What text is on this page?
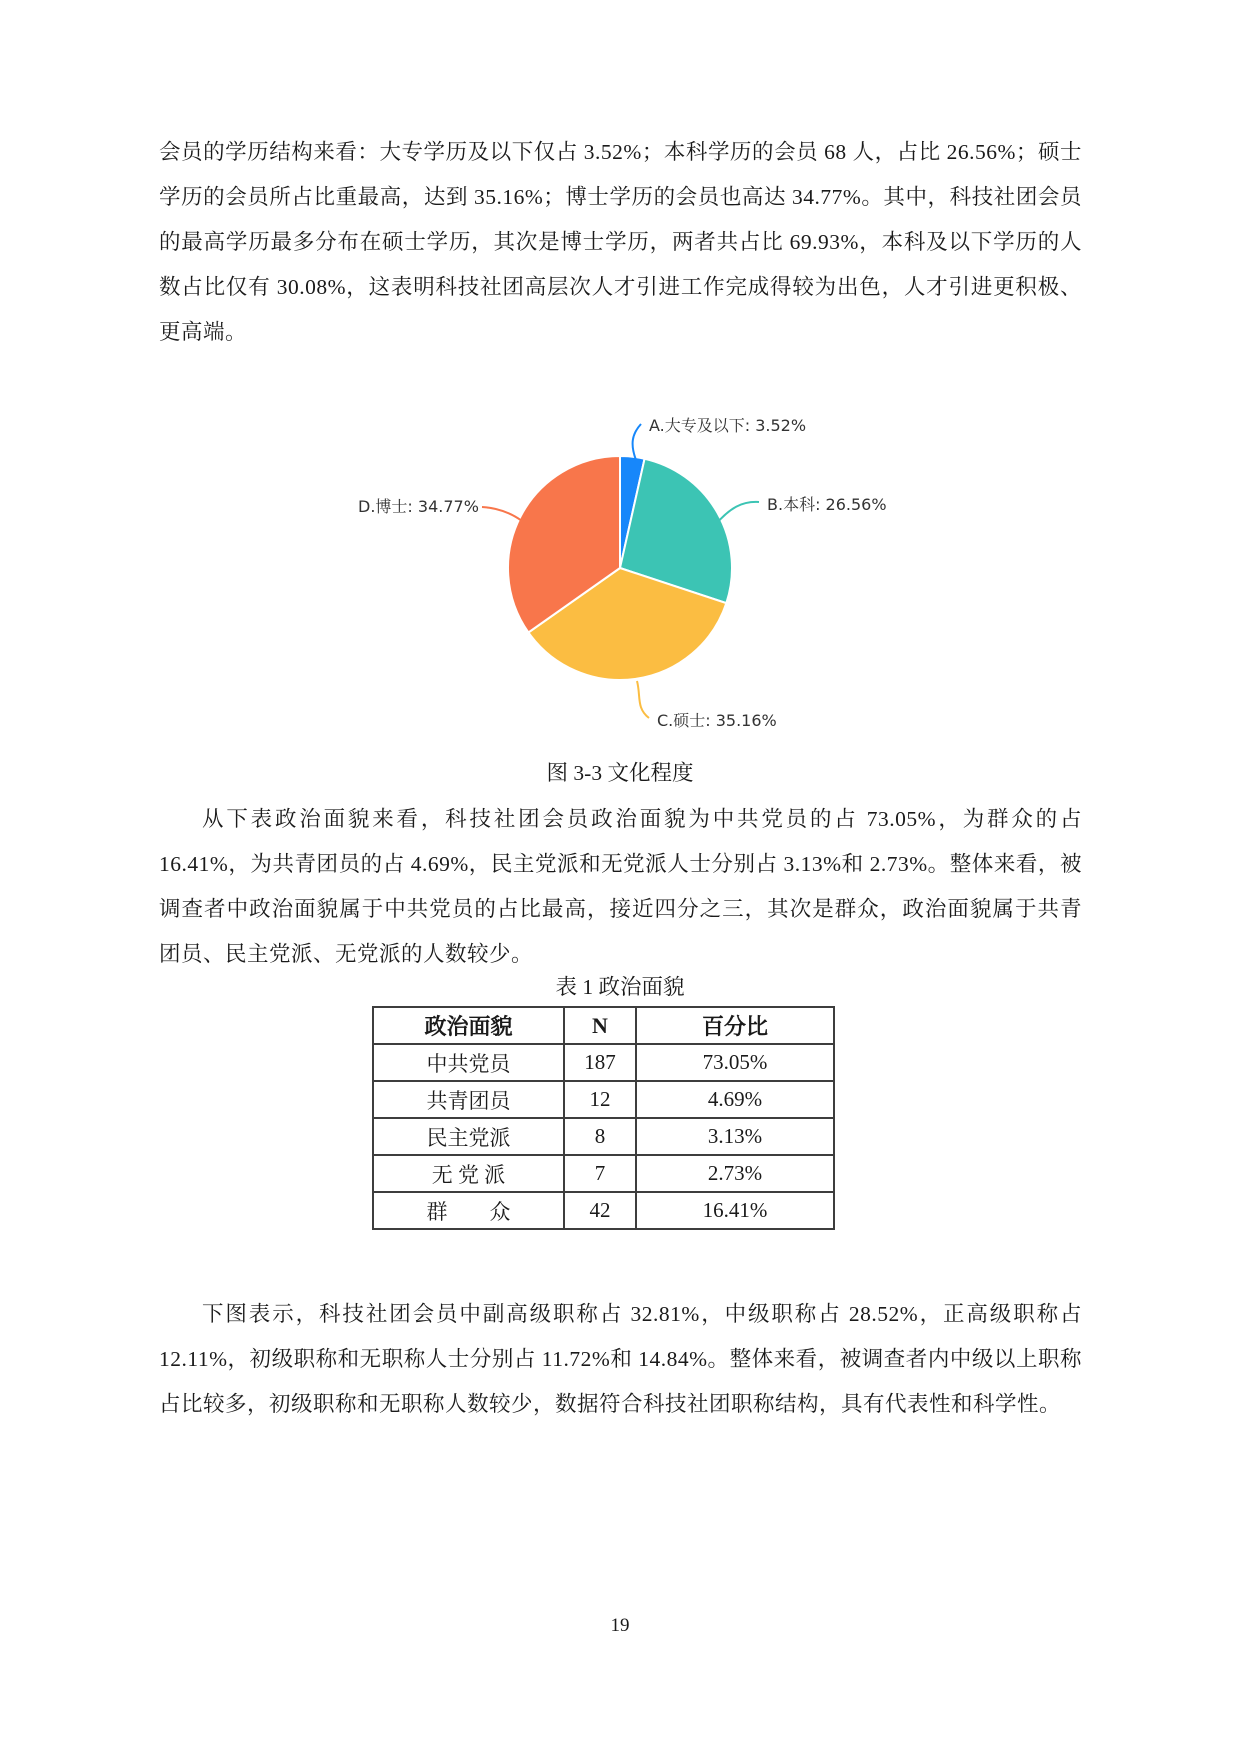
会员的学历结构来看：大专学历及以下仅占 3.52%；本科学历的会员 68 人，占比 26.56%；硕士学历的会员所占比重最高，达到 35.16%；博士学历的会员也高达 34.77%。其中，科技社团会员的最高学历最多分布在硕士学历，其次是博士学历，两者共占比 69.93%，本科及以下学历的人数占比仅有 30.08%，这表明科技社团高层次人才引进工作完成得较为出色，人才引进更积极、更高端。
A.大专及以下: 3.52%
B.本科: 26.56%
C.硕士: 35.16%
D.博士: 34.77%
图 3-3 文化程度
从下表政治面貌来看，科技社团会员政治面貌为中共党员的占 73.05%，为群众的占 16.41%，为共青团员的占 4.69%，民主党派和无党派人士分别占 3.13%和 2.73%。整体来看，被调查者中政治面貌属于中共党员的占比最高，接近四分之三，其次是群众，政治面貌属于共青团员、民主党派、无党派的人数较少。
表 1 政治面貌
政治面貌	N	百分比
中共党员	187	73.05%
共青团员	12	4.69%
民主党派	8	3.13%
无 党 派	7	2.73%
群　　众	42	16.41%
下图表示，科技社团会员中副高级职称占 32.81%，中级职称占 28.52%，正高级职称占 12.11%，初级职称和无职称人士分别占 11.72%和 14.84%。整体来看，被调查者内中级以上职称占比较多，初级职称和无职称人数较少，数据符合科技社团职称结构，具有代表性和科学性。
19
